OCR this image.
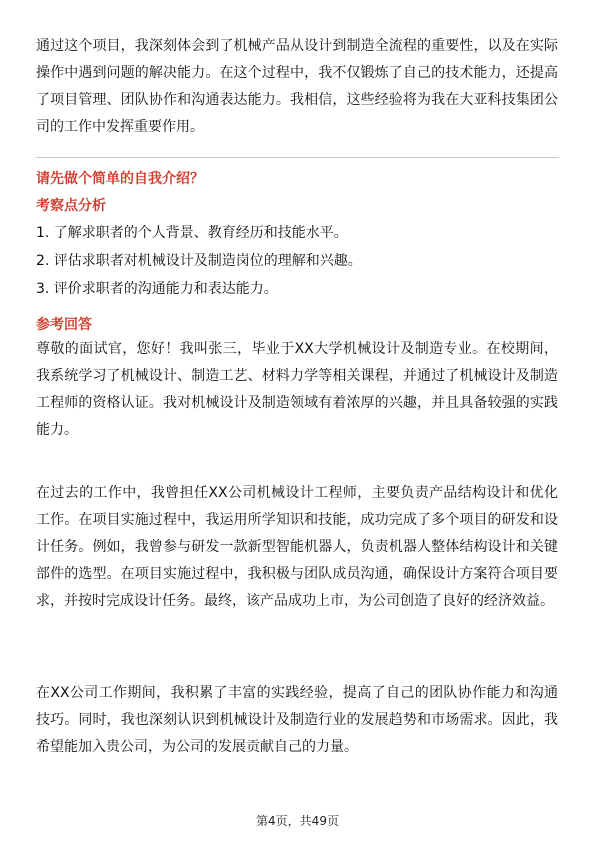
通过这个项目，我深刻体会到了机械产品从设计到制造全流程的重要性，以及在实际操作中遇到问题的解决能力。在这个过程中，我不仅锻炼了自己的技术能力，还提高了项目管理、团队协作和沟通表达能力。我相信，这些经验将为我在大亚科技集团公司的工作中发挥重要作用。

请先做个简单的自我介绍？

考察点分析

1. 了解求职者的个人背景、教育经历和技能水平。

2. 评估求职者对机械设计及制造岗位的理解和兴趣。

3. 评价求职者的沟通能力和表达能力。

参考回答

尊敬的面试官，您好！我叫张三，毕业于XX大学机械设计及制造专业。在校期间，我系统学习了机械设计、制造工艺、材料力学等相关课程，并通过了机械设计及制造工程师的资格认证。我对机械设计及制造领域有着浓厚的兴趣，并且具备较强的实践能力。

在过去的工作中，我曾担任XX公司机械设计工程师，主要负责产品结构设计和优化工作。在项目实施过程中，我运用所学知识和技能，成功完成了多个项目的研发和设计任务。例如，我曾参与研发一款新型智能机器人，负责机器人整体结构设计和关键部件的选型。在项目实施过程中，我积极与团队成员沟通，确保设计方案符合项目要求，并按时完成设计任务。最终，该产品成功上市，为公司创造了良好的经济效益。

在XX公司工作期间，我积累了丰富的实践经验，提高了自己的团队协作能力和沟通技巧。同时，我也深刻认识到机械设计及制造行业的发展趋势和市场需求。因此，我希望能加入贵公司，为公司的发展贡献自己的力量。

第4页，共49页
